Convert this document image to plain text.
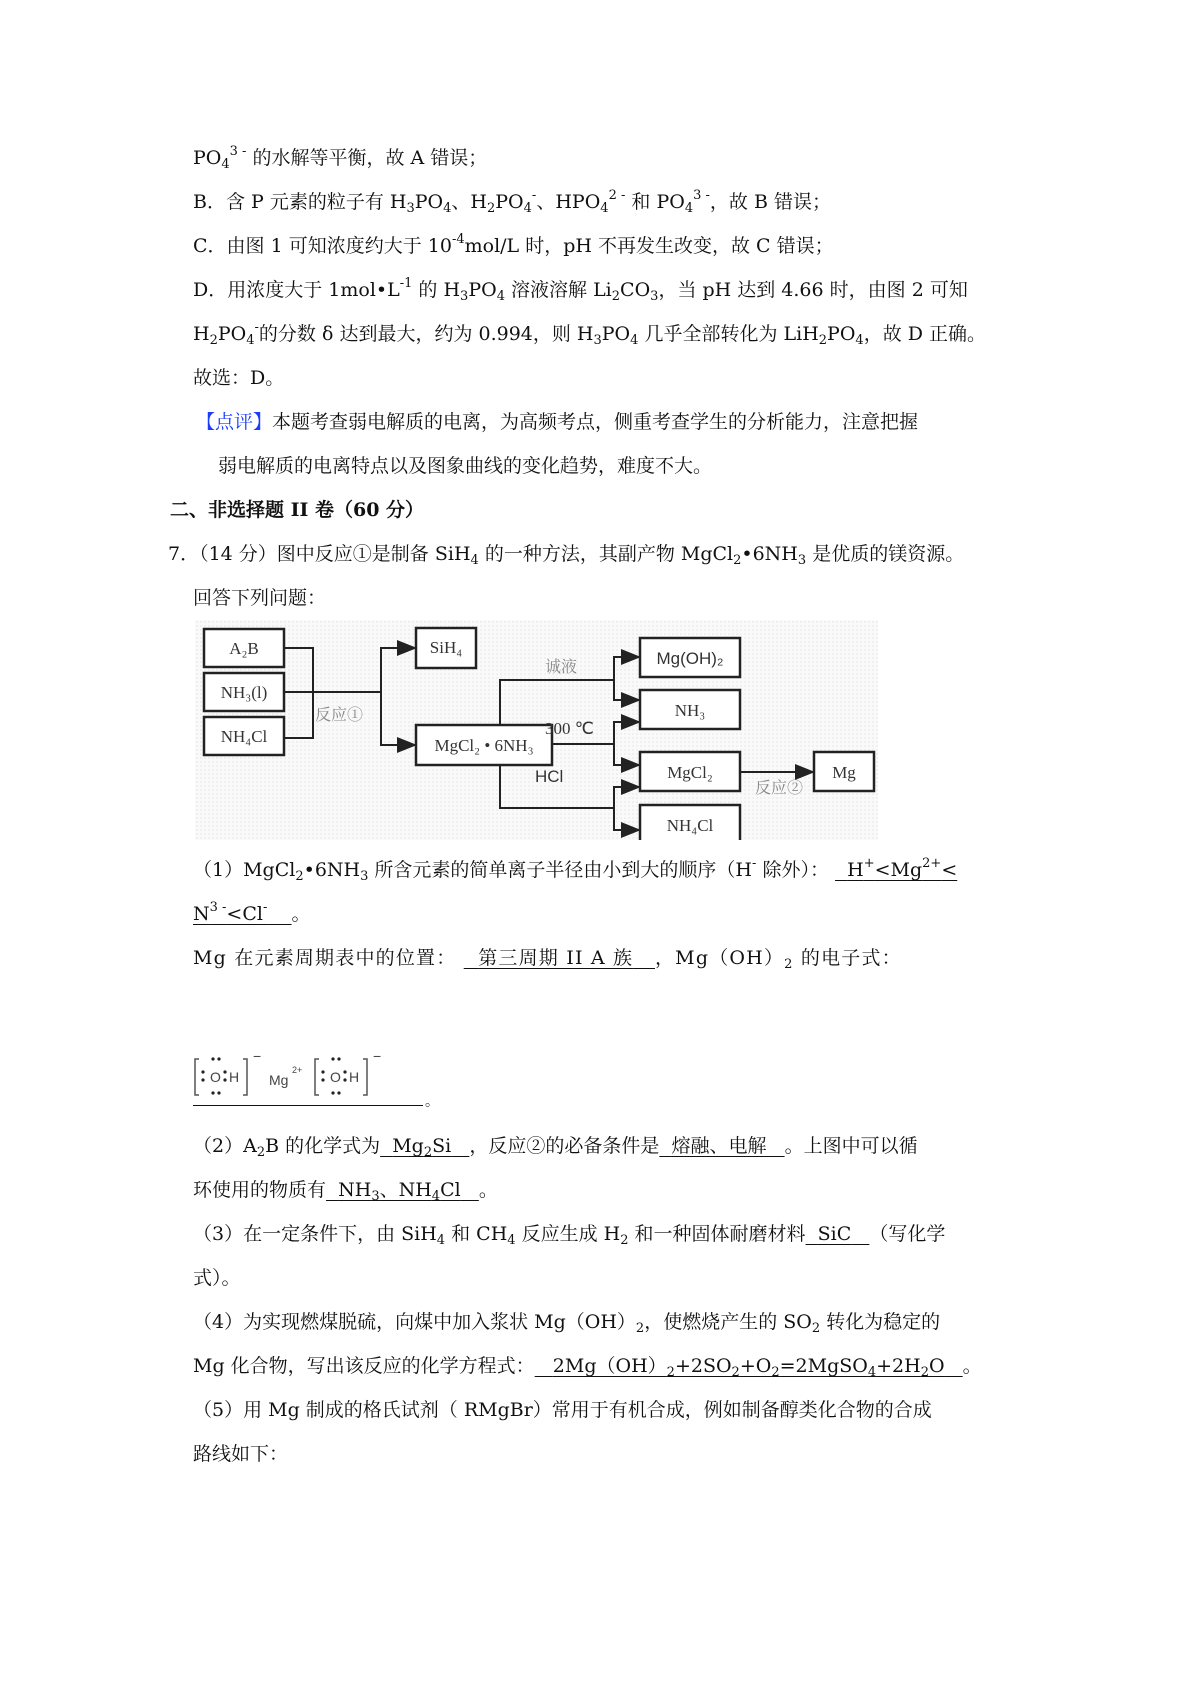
$PO_4^{3 -}$ 的水解等平衡，故 A 错误；
B．含 P 元素的粒子有 $H_3PO_4$、$H_2PO_4^-$、$HPO_4^{2 -}$ 和 $PO_4^{3 -}$，故 B 错误；
C．由图 1 可知浓度约大于 $10^{-4}mol/L$ 时，pH 不再发生改变，故 C 错误；
D．用浓度大于 $1mol•L^{-1}$ 的 $H_3PO_4$ 溶液溶解 $Li_2CO_3$，当 pH 达到 4.66 时，由图 2 可知
$H_2PO_4^-$的分数 δ 达到最大，约为 0.994，则 $H_3PO_4$ 几乎全部转化为 $LiH_2PO_4$，故 D 正确。
故选：D。
【点评】本题考查弱电解质的电离，为高频考点，侧重考查学生的分析能力，注意把握
弱电解质的电离特点以及图象曲线的变化趋势，难度不大。
二、非选择题 II 卷（60 分）
7．（14 分）图中反应①是制备 SiH$_4$ 的一种方法，其副产物 $MgCl_2•6NH_3$ 是优质的镁资源。
回答下列问题：
A₂B
NH₃(l)
NH₄Cl
反应①
SiH₄
MgCl₂ • 6NH₃
诚液
300 ℃
HCl
Mg(OH)₂
NH₃
MgCl₂
NH₄Cl
反应②
Mg
$(1)MgCl_2•6NH_3$ 所含元素的简单离子半径由小到大的顺序（H- 除外）： $H^+<Mg^{2+}<$
$N^{3 -}<Cl^-$ 。
Mg 在元素周期表中的位置： 第三周期 II A 族 ，$Mg(OH)_2$ 的电子式：
O H
−
Mg
2+ O H
−
。
$(2)A_2B$ 的化学式为 $Mg_2Si$ ，反应②的必备条件是 熔融、电解 。上图中可以循
环使用的物质有 $NH_3$、$NH_4Cl$ 。
（3）在一定条件下，由 SiH$_4$ 和 $CH_4$ 反应生成 $H_2$ 和一种固体耐磨材料 SiC （写化学
式）。
（4）为实现燃煤脱硫，向煤中加入浆状 $Mg(OH)_2$，使燃烧产生的 $SO_2$ 转化为稳定的
Mg 化合物，写出该反应的化学方程式： $2Mg(OH)_2+2SO_2+O_2=2MgSO_4+2H_2O$ 。
（5）用 Mg 制成的格氏试剂（ RMgBr）常用于有机合成，例如制备醇类化合物的合成
路线如下：
